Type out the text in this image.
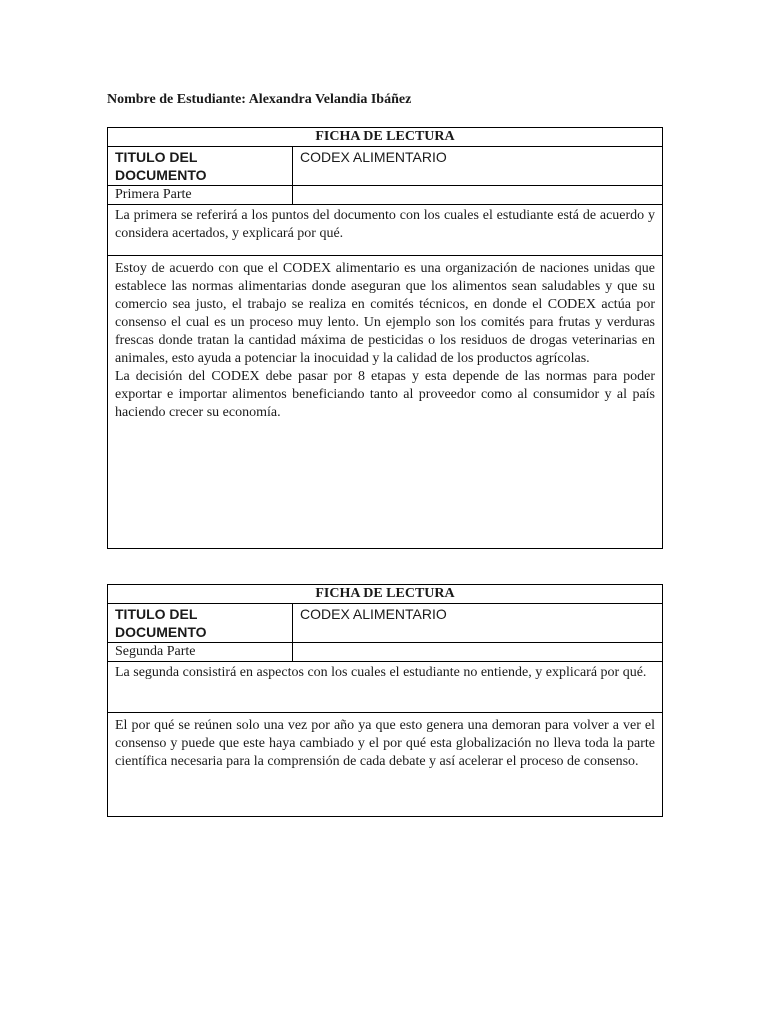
Nombre de Estudiante: Alexandra Velandia Ibáñez
FICHA DE LECTURA	
TITULO DEL DOCUMENTO	CODEX ALIMENTARIO
Primera Parte	
La primera se referirá a los puntos del documento con los cuales el estudiante está de acuerdo y considera acertados, y explicará por qué.	

Estoy de acuerdo con que el CODEX alimentario es una organización de naciones unidas que establece las normas alimentarias donde aseguran que los alimentos sean saludables y que su comercio sea justo, el trabajo se realiza en comités técnicos, en donde el CODEX actúa por consenso el cual es un proceso muy lento. Un ejemplo son los comités para frutas y verduras frescas donde tratan la cantidad máxima de pesticidas o los residuos de drogas veterinarias en animales, esto ayuda a potenciar la inocuidad y la calidad de los productos agrícolas.

La decisión del CODEX debe pasar por 8 etapas y esta depende de las normas para poder exportar e importar alimentos beneficiando tanto al proveedor como al consumidor y al país haciendo crecer su economía.	

FICHA DE LECTURA	
TITULO DEL DOCUMENTO	CODEX ALIMENTARIO
Segunda Parte	
La segunda consistirá en aspectos con los cuales el estudiante no entiende, y explicará por qué.	

El por qué se reúnen solo una vez por año ya que esto genera una demoran para volver a ver el consenso y puede que este haya cambiado y el por qué esta globalización no lleva toda la parte científica necesaria para la comprensión de cada debate y así acelerar el proceso de consenso.	
